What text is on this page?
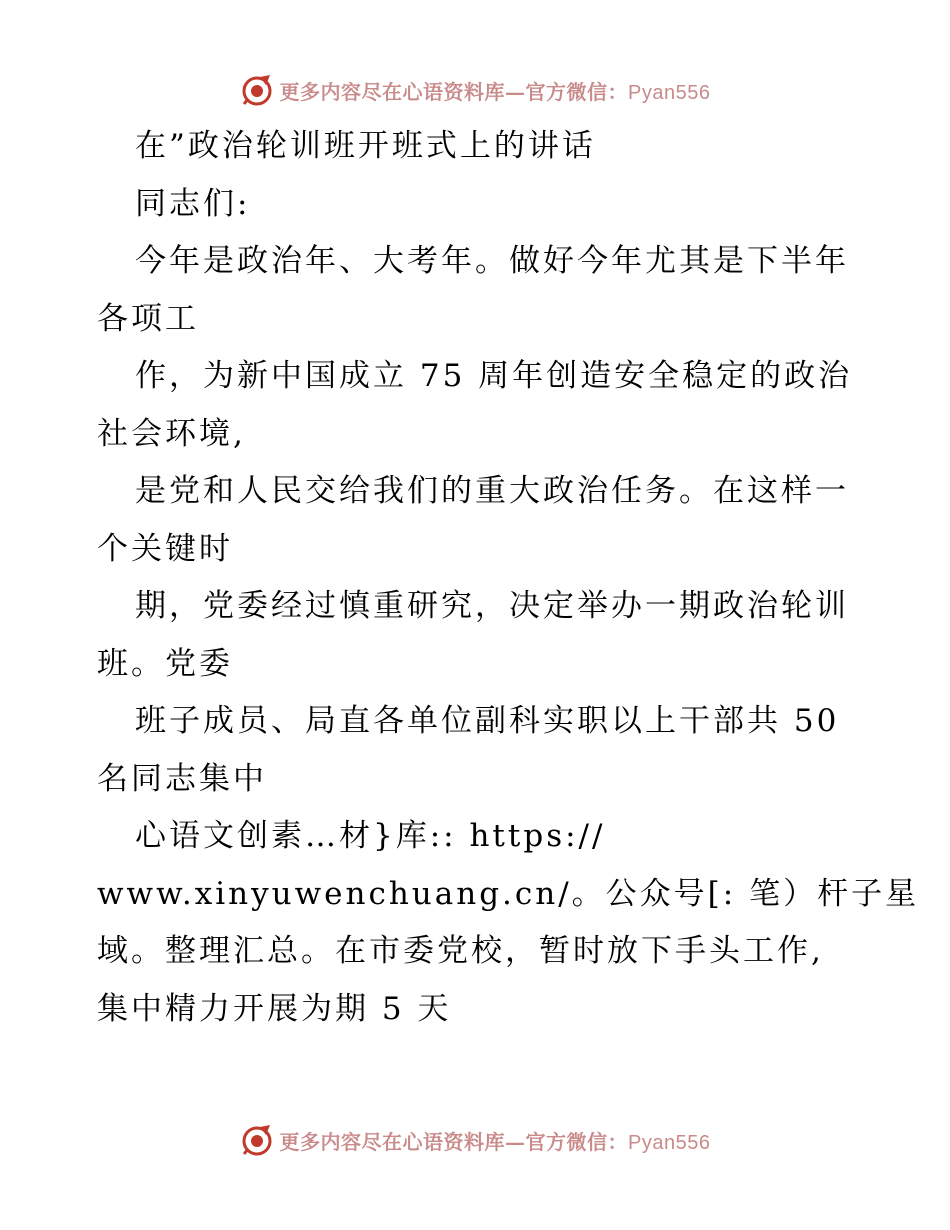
更多内容尽在心语资料库—官方微信：Pyan556
在”政治轮训班开班式上的讲话
同志们:
今年是政治年、大考年。做好今年尤其是下半年
各项工
作，为新中国成立 75 周年创造安全稳定的政治
社会环境,
是党和人民交给我们的重大政治任务。在这样一
个关键时
期，党委经过慎重研究，决定举办一期政治轮训
班。党委
班子成员、局直各单位副科实职以上干部共 50
名同志集中
心语文创素…材}库:: https://
www.xinyuwenchuang.cn/。公众号[: 笔）杆子星
域。整理汇总。在市委党校，暂时放下手头工作,
集中精力开展为期 5 天
更多内容尽在心语资料库—官方微信：Pyan556
